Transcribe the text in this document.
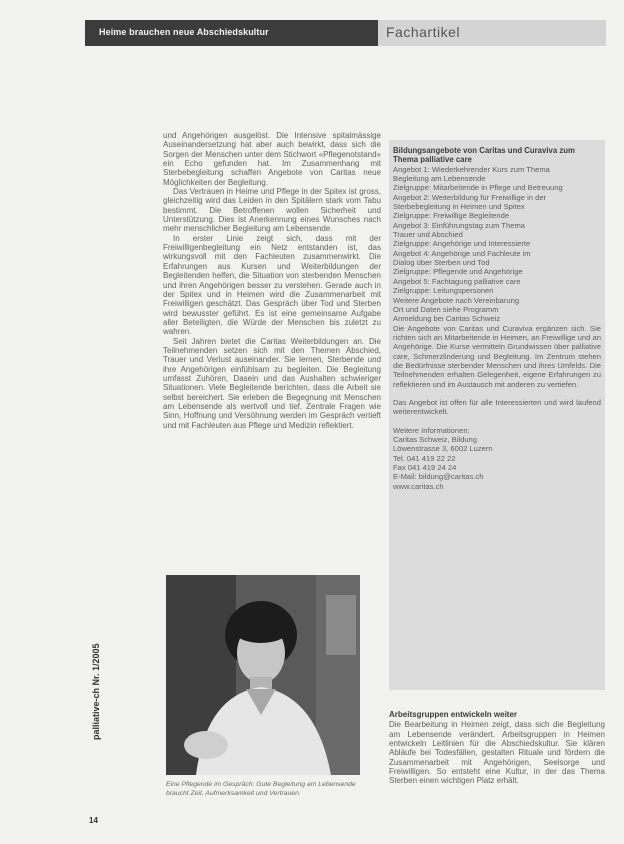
Heime brauchen neue Abschiedskultur	Fachartikel

und Angehörigen ausgelöst. Die Intensive spitalmässige Auseinandersetzung hat aber auch bewirkt, dass sich die Sorgen der Menschen unter dem Stichwort «Pflegenotstand» ein Echo gefunden hat. Im Zusammenhang mit Sterbebegleitung schaffen Angebote von Caritas neue Möglichkeiten der Begleitung.

Das Vertrauen in Heime und Pflege in der Spitex ist gross, gleichzeitig wird das Leiden in den Spitälern stark vom Tabu bestimmt. Die Betroffenen wollen Sicherheit und Unterstützung. Dies ist Anerkennung eines Wunsches nach mehr menschlicher Begleitung am Lebensende.

In erster Linie zeigt sich, dass mit der Freiwilligenbegleitung ein Netz entstanden ist, das wirkungsvoll mit den Fachleuten zusammenwirkt. Die Erfahrungen aus Kursen und Weiterbildungen der Begleitenden helfen, die Situation von sterbenden Menschen und ihren Angehörigen besser zu verstehen. Gerade auch in der Spitex und in Heimen wird die Zusammenarbeit mit Freiwilligen geschätzt. Das Gespräch über Tod und Sterben wird bewusster geführt. Es ist eine gemeinsame Aufgabe aller Beteiligten, die Würde der Menschen bis zuletzt zu wahren.

Seit Jahren bietet die Caritas Weiterbildungen an. Die Teilnehmenden setzen sich mit den Themen Abschied, Trauer und Verlust auseinander. Sie lernen, Sterbende und ihre Angehörigen einfühlsam zu begleiten. Die Begleitung umfasst Zuhören, Dasein und das Aushalten schwieriger Situationen. Viele Begleitende berichten, dass die Arbeit sie selbst bereichert. Sie erleben die Begegnung mit Menschen am Lebensende als wertvoll und tief. Zentrale Fragen wie Sinn, Hoffnung und Versöhnung werden im Gespräch vertieft und mit Fachleuten aus Pflege und Medizin reflektiert.

Eine Pflegende im Gespräch: Gute Begleitung am Lebensende braucht Zeit, Aufmerksamkeit und Vertrauen.
Bildungsangebote von Caritas und Curaviva zum Thema palliative care
Angebot 1: Wiederkehrender Kurs zum Thema
Begleitung am Lebensende
Zielgruppe: Mitarbeitende in Pflege und Betreuung
Angebot 2: Weiterbildung für Freiwillige in der
Sterbebegleitung in Heimen und Spitex
Zielgruppe: Freiwillige Begleitende
Angebot 3: Einführungstag zum Thema
Trauer und Abschied
Zielgruppe: Angehörige und Interessierte
Angebot 4: Angehörige und Fachleute im
Dialog über Sterben und Tod
Zielgruppe: Pflegende und Angehörige
Angebot 5: Fachtagung palliative care
Zielgruppe: Leitungspersonen
Weitere Angebote nach Vereinbarung
Ort und Daten siehe Programm
Anmeldung bei Caritas Schweiz

Die Angebote von Caritas und Curaviva ergänzen sich. Sie richten sich an Mitarbeitende in Heimen, an Freiwillige und an Angehörige. Die Kurse vermitteln Grundwissen über palliative care, Schmerzlinderung und Begleitung. Im Zentrum stehen die Bedürfnisse sterbender Menschen und ihres Umfelds. Die Teilnehmenden erhalten Gelegenheit, eigene Erfahrungen zu reflektieren und im Austausch mit anderen zu vertiefen.

Das Angebot ist offen für alle Interessierten und wird laufend weiterentwickelt.

Weitere Informationen:
Caritas Schweiz, Bildung
Löwenstrasse 3, 6002 Luzern
Tel. 041 419 22 22
Fax 041 419 24 24
E-Mail: bildung@caritas.ch
www.caritas.ch
Arbeitsgruppen entwickeln weiter

Die Bearbeitung in Heimen zeigt, dass sich die Begleitung am Lebensende verändert. Arbeitsgruppen in Heimen entwickeln Leitlinien für die Abschiedskultur. Sie klären Abläufe bei Todesfällen, gestalten Rituale und fördern die Zusammenarbeit mit Angehörigen, Seelsorge und Freiwilligen. So entsteht eine Kultur, in der das Thema Sterben einen wichtigen Platz erhält.

palliative-ch Nr. 1/2005
14
